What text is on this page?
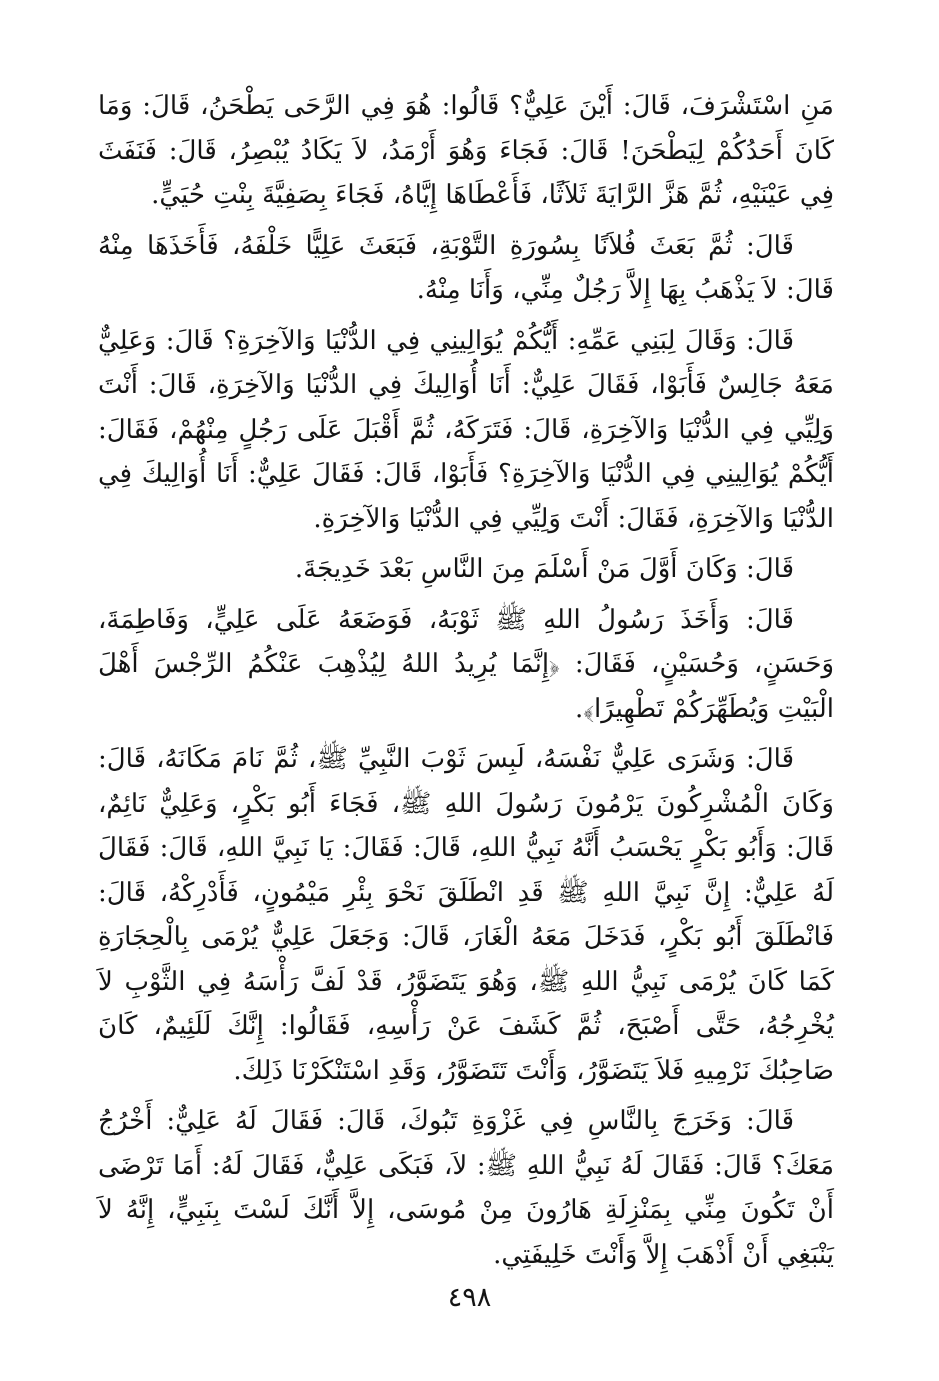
مَنِ اسْتَشْرَفَ، قَالَ: أَيْنَ عَلِيٌّ؟ قَالُوا: هُوَ فِي الرَّحَى يَطْحَنُ، قَالَ: وَمَا كَانَ أَحَدُكُمْ لِيَطْحَنَ! قَالَ: فَجَاءَ وَهُوَ أَرْمَدُ، لاَ يَكَادُ يُبْصِرُ، قَالَ: فَنَفَثَ فِي عَيْنَيْهِ، ثُمَّ هَزَّ الرَّايَةَ ثَلاَثًا، فَأَعْطَاهَا إِيَّاهُ، فَجَاءَ بِصَفِيَّةَ بِنْتِ حُيَيٍّ.

قَالَ: ثُمَّ بَعَثَ فُلاَنًا بِسُورَةِ التَّوْبَةِ، فَبَعَثَ عَلِيًّا خَلْفَهُ، فَأَخَذَهَا مِنْهُ قَالَ: لاَ يَذْهَبُ بِهَا إِلاَّ رَجُلٌ مِنِّي، وَأَنَا مِنْهُ.

قَالَ: وَقَالَ لِبَنِي عَمِّهِ: أَيُّكُمْ يُوَالِينِي فِي الدُّنْيَا وَالآخِرَةِ؟ قَالَ: وَعَلِيٌّ مَعَهُ جَالِسٌ فَأَبَوْا، فَقَالَ عَلِيٌّ: أَنَا أُوَالِيكَ فِي الدُّنْيَا وَالآخِرَةِ، قَالَ: أَنْتَ وَلِيِّي فِي الدُّنْيَا وَالآخِرَةِ، قَالَ: فَتَرَكَهُ، ثُمَّ أَقْبَلَ عَلَى رَجُلٍ مِنْهُمْ، فَقَالَ: أَيُّكُمْ يُوَالِينِي فِي الدُّنْيَا وَالآخِرَةِ؟ فَأَبَوْا، قَالَ: فَقَالَ عَلِيٌّ: أَنَا أُوَالِيكَ فِي الدُّنْيَا وَالآخِرَةِ، فَقَالَ: أَنْتَ وَلِيِّي فِي الدُّنْيَا وَالآخِرَةِ.

قَالَ: وَكَانَ أَوَّلَ مَنْ أَسْلَمَ مِنَ النَّاسِ بَعْدَ خَدِيجَةَ.

قَالَ: وَأَخَذَ رَسُولُ اللهِ ﷺ ثَوْبَهُ، فَوَضَعَهُ عَلَى عَلِيٍّ، وَفَاطِمَةَ، وَحَسَنٍ، وَحُسَيْنٍ، فَقَالَ: ﴿إِنَّمَا يُرِيدُ اللهُ لِيُذْهِبَ عَنْكُمُ الرِّجْسَ أَهْلَ الْبَيْتِ وَيُطَهِّرَكُمْ تَطْهِيرًا﴾.

قَالَ: وَشَرَى عَلِيٌّ نَفْسَهُ، لَبِسَ ثَوْبَ النَّبِيِّ ﷺ، ثُمَّ نَامَ مَكَانَهُ، قَالَ: وَكَانَ الْمُشْرِكُونَ يَرْمُونَ رَسُولَ اللهِ ﷺ، فَجَاءَ أَبُو بَكْرٍ، وَعَلِيٌّ نَائِمٌ، قَالَ: وَأَبُو بَكْرٍ يَحْسَبُ أَنَّهُ نَبِيُّ اللهِ، قَالَ: فَقَالَ: يَا نَبِيَّ اللهِ، قَالَ: فَقَالَ لَهُ عَلِيٌّ: إِنَّ نَبِيَّ اللهِ ﷺ قَدِ انْطَلَقَ نَحْوَ بِئْرِ مَيْمُونٍ، فَأَدْرِكْهُ، قَالَ: فَانْطَلَقَ أَبُو بَكْرٍ، فَدَخَلَ مَعَهُ الْغَارَ، قَالَ: وَجَعَلَ عَلِيٌّ يُرْمَى بِالْحِجَارَةِ كَمَا كَانَ يُرْمَى نَبِيُّ اللهِ ﷺ، وَهُوَ يَتَضَوَّرُ، قَدْ لَفَّ رَأْسَهُ فِي الثَّوْبِ لاَ يُخْرِجُهُ، حَتَّى أَصْبَحَ، ثُمَّ كَشَفَ عَنْ رَأْسِهِ، فَقَالُوا: إِنَّكَ لَلَئِيمٌ، كَانَ صَاحِبُكَ نَرْمِيهِ فَلاَ يَتَضَوَّرُ، وَأَنْتَ تَتَضَوَّرُ، وَقَدِ اسْتَنْكَرْنَا ذَلِكَ.

قَالَ: وَخَرَجَ بِالنَّاسِ فِي غَزْوَةِ تَبُوكَ، قَالَ: فَقَالَ لَهُ عَلِيٌّ: أَخْرُجُ مَعَكَ؟ قَالَ: فَقَالَ لَهُ نَبِيُّ اللهِ ﷺ: لاَ، فَبَكَى عَلِيٌّ، فَقَالَ لَهُ: أَمَا تَرْضَى أَنْ تَكُونَ مِنِّي بِمَنْزِلَةِ هَارُونَ مِنْ مُوسَى، إِلاَّ أَنَّكَ لَسْتَ بِنَبِيٍّ، إِنَّهُ لاَ يَنْبَغِي أَنْ أَذْهَبَ إِلاَّ وَأَنْتَ خَلِيفَتِي.

٤٩٨
